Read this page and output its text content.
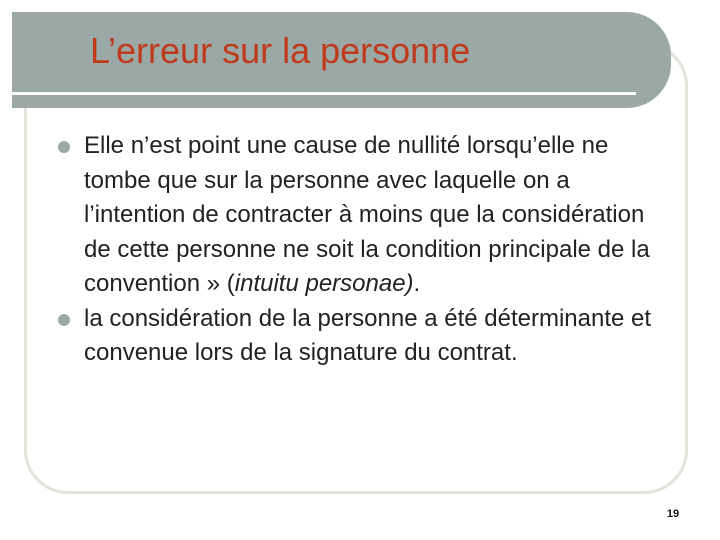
L’erreur sur la personne
Elle n’est point une cause de nullité lorsqu’elle ne tombe que sur la personne avec laquelle on a l’intention de contracter à moins que la considération de cette personne ne soit la condition principale de la convention » (intuitu personae).
la considération de la personne a été déterminante et convenue lors de la signature du contrat.
19
